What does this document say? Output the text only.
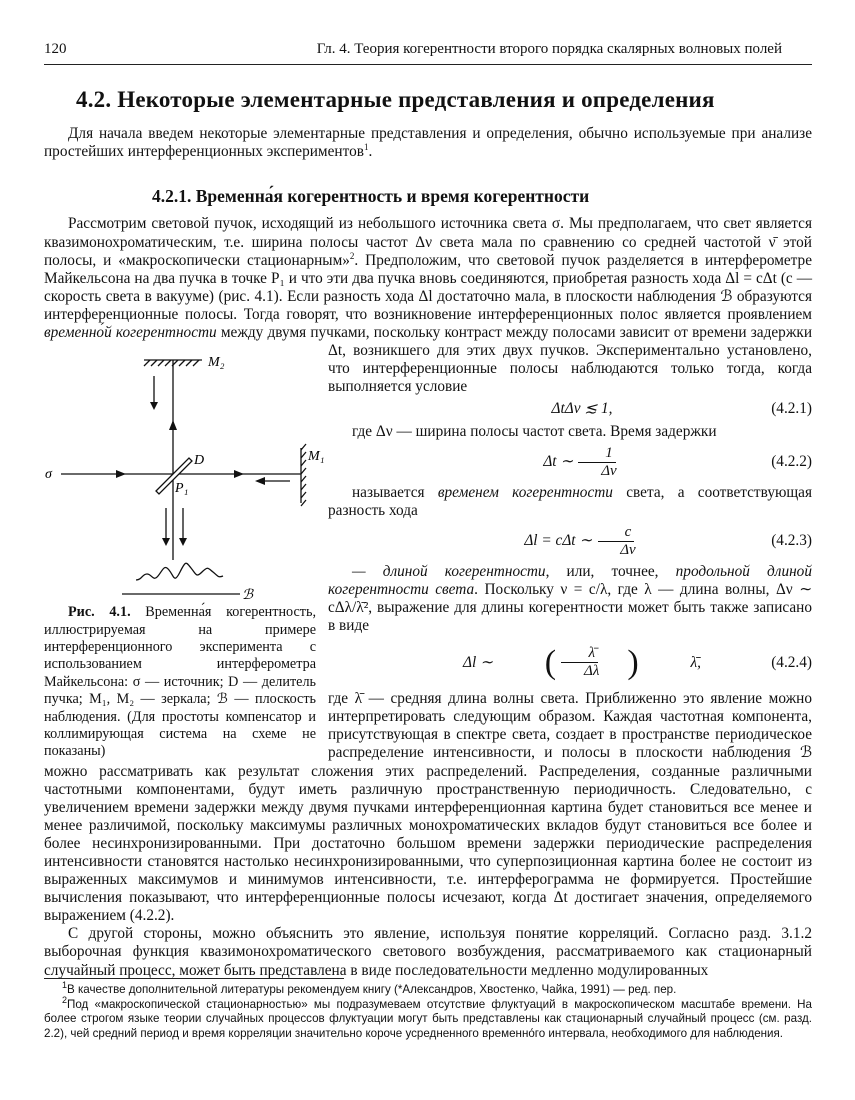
120	Гл. 4. Теория когерентности второго порядка скалярных волновых полей
4.2. Некоторые элементарные представления и определения

Для начала введем некоторые элементарные представления и определения, обычно используемые при анализе простейших интерференционных экспериментов$^1$.

4.2.1. Временна́я когерентность и время когерентности

Рассмотрим световой пучок, исходящий из небольшого источника света σ. Мы предполагаем, что свет является квазимонохроматическим, т.е. ширина полосы частот Δν света мала по сравнению со средней частотой ν̄ этой полосы, и «макроскопически стационарным»$^2$. Предположим, что световой пучок разделяется в интерферометре Майкельсона на два пучка в точке P₁ и что эти два пучка вновь соединяются, приобретая разность хода Δl = cΔt (c — скорость света в вакууме) (рис. 4.1). Если разность хода Δl достаточно мала, в плоскости наблюдения ℬ образуются интерференционные полосы. Тогда говорят, что возникновение интерференционных полос является проявлением временно́й когерентности между двумя пучками, поскольку контраст между полосами зависит от времени задержки Δt, возникшего для этих
M₂
M₁
D
P₁
σ
ℬ
Рис. 4.1. Временна́я когерентность, иллюстрируемая на примере интерференционного эксперимента с использованием интерферометра Майкельсона: σ — источник; D — делитель пучка; M₁, M₂ — зеркала; ℬ — плоскость наблюдения. (Для простоты компенсатор и коллимирующая система на схеме не показаны)
двух пучков. Экспериментально установлено, что интерференционные полосы наблюдаются только тогда, когда выполняется условие
ΔtΔν ≲ 1,	(4.2.1)
где Δν — ширина полосы частот света. Время задержки
Δt ∼ $\frac{1}{\Delta\nu}$	(4.2.2)
называется временем когерентности света, а соответствующая разность хода
Δl = cΔt ∼ $\frac{c}{\Delta\nu}$	(4.2.3)
— длиной когерентности, или, точнее, продольной длиной когерентности света. Поскольку ν = c/λ, где λ — длина волны, Δν ∼ cΔλ/λ̄², выражение для длины когерентности может быть также записано в виде
Δl ∼
	( $\frac{\lambdā}{\Delta\lambda}$ )
	λ̄,	(4.2.4)
где λ̄ — средняя длина волны света. Приближенно это явление можно интерпретировать следующим образом. Каждая частотная компонента, присутствующая в спектре света, создает в пространстве периодическое распределение интенсивности, и полосы в плоскости наблюдения ℬ можно рассматривать как результат сложения этих распределений. Распределения, созданные различными частотными компонентами, будут иметь различную пространственную периодичность. Следовательно, с увеличением времени задержки между двумя пучками интерференционная картина будет становиться все менее и менее различимой, поскольку максимумы различных монохроматических вкладов будут становиться все более и более несинхронизированными. При достаточно большом времени задержки периодические распределения интенсивности становятся настолько несинхронизированными, что суперпозиционная картина более не состоит из выраженных максимумов и минимумов интенсивности, т.е. интерферограмма не формируется. Простейшие вычисления показывают, что интерференционные полосы исчезают, когда Δt достигает значения, определяемого выражением (4.2.2).

С другой стороны, можно объяснить это явление, используя понятие корреляций. Согласно разд. 3.1.2 выборочная функция квазимонохроматического светового возбуждения, рассматриваемого как стационарный случайный процесс, может быть представлена в виде последовательности медленно модулированных

$^1$В качестве дополнительной литературы рекомендуем книгу (*Александров, Хвостенко, Чайка, 1991) — ред. пер.

$^2$Под «макроскопической стационарностью» мы подразумеваем отсутствие флуктуаций в макроскопическом масштабе времени. На более строгом языке теории случайных процессов флуктуации могут быть представлены как стационарный случайный процесс (см. разд. 2.2), чей средний период и время корреляции значительно короче усредненного временно́го интервала, необходимого для наблюдения.
